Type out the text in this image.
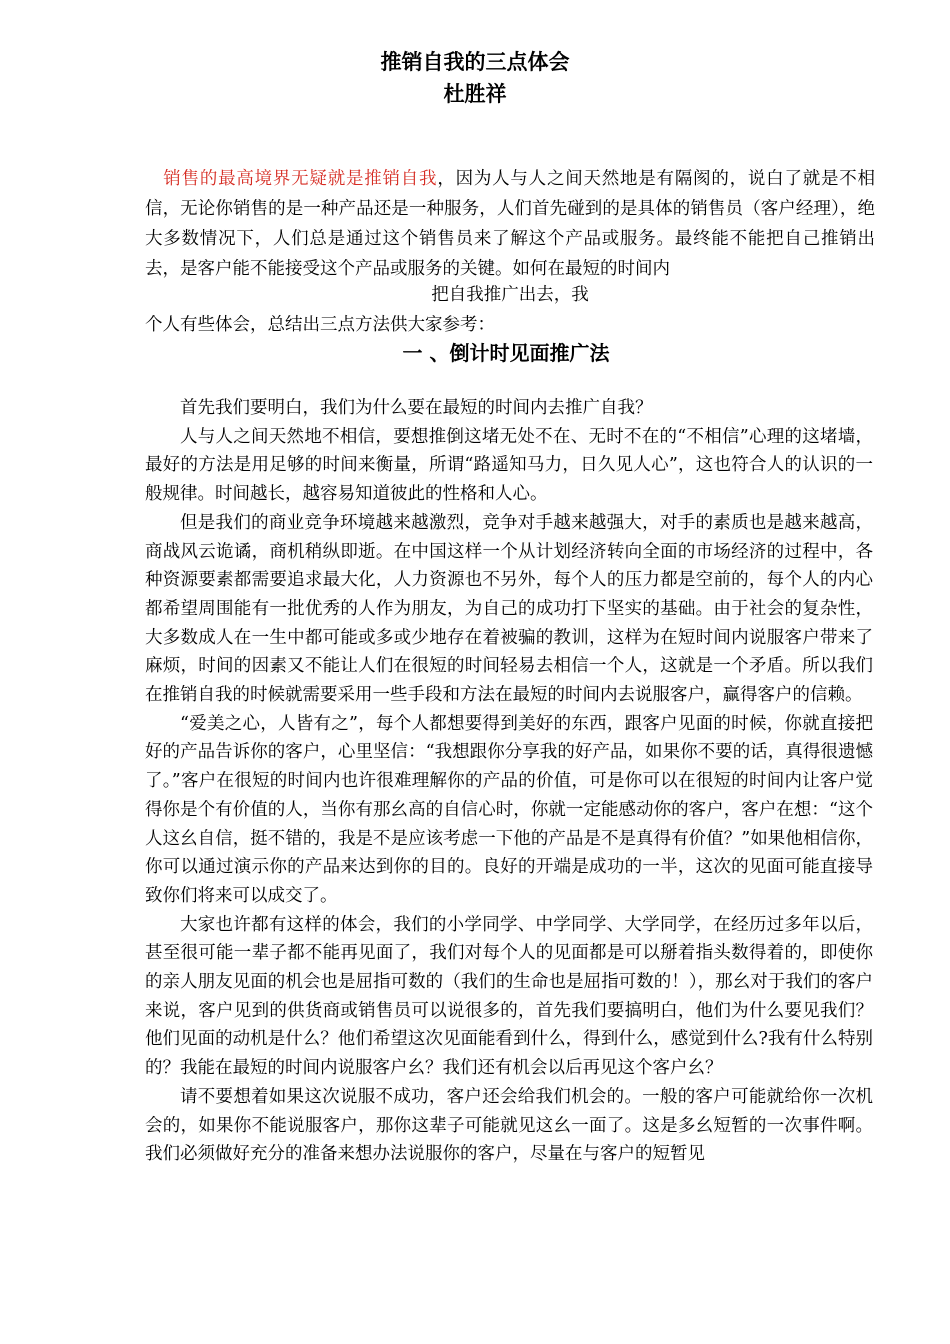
推销自我的三点体会
杜胜祥
　销售的最高境界无疑就是推销自我，因为人与人之间天然地是有隔阂的，说白了就是不相信，无论你销售的是一种产品还是一种服务，人们首先碰到的是具体的销售员（客户经理），绝大多数情况下，人们总是通过这个销售员来了解这个产品或服务。最终能不能把自己推销出去，是客户能不能接受这个产品或服务的关键。如何在最短的时间内
把自我推广出去，我
个人有些体会，总结出三点方法供大家参考：
一 、倒计时见面推广法

首先我们要明白，我们为什么要在最短的时间内去推广自我？

人与人之间天然地不相信，要想推倒这堵无处不在、无时不在的“不相信”心理的这堵墙，最好的方法是用足够的时间来衡量，所谓“路遥知马力，日久见人心”，这也符合人的认识的一般规律。时间越长，越容易知道彼此的性格和人心。

但是我们的商业竞争环境越来越激烈，竞争对手越来越强大，对手的素质也是越来越高，商战风云诡谲，商机稍纵即逝。在中国这样一个从计划经济转向全面的市场经济的过程中，各种资源要素都需要追求最大化，人力资源也不另外，每个人的压力都是空前的，每个人的内心都希望周围能有一批优秀的人作为朋友，为自己的成功打下坚实的基础。由于社会的复杂性，大多数成人在一生中都可能或多或少地存在着被骗的教训，这样为在短时间内说服客户带来了麻烦，时间的因素又不能让人们在很短的时间轻易去相信一个人，这就是一个矛盾。所以我们在推销自我的时候就需要采用一些手段和方法在最短的时间内去说服客户，赢得客户的信赖。

“爱美之心，人皆有之”，每个人都想要得到美好的东西，跟客户见面的时候，你就直接把好的产品告诉你的客户，心里坚信：“我想跟你分享我的好产品，如果你不要的话，真得很遗憾了。”客户在很短的时间内也许很难理解你的产品的价值，可是你可以在很短的时间内让客户觉得你是个有价值的人，当你有那幺高的自信心时，你就一定能感动你的客户，客户在想：“这个人这幺自信，挺不错的，我是不是应该考虑一下他的产品是不是真得有价值？”如果他相信你，你可以通过演示你的产品来达到你的目的。良好的开端是成功的一半，这次的见面可能直接导致你们将来可以成交了。

大家也许都有这样的体会，我们的小学同学、中学同学、大学同学，在经历过多年以后，甚至很可能一辈子都不能再见面了，我们对每个人的见面都是可以掰着指头数得着的，即使你的亲人朋友见面的机会也是屈指可数的（我们的生命也是屈指可数的！），那幺对于我们的客户来说，客户见到的供货商或销售员可以说很多的，首先我们要搞明白，他们为什么要见我们？他们见面的动机是什么？他们希望这次见面能看到什么，得到什么，感觉到什么?我有什么特别的？我能在最短的时间内说服客户幺？我们还有机会以后再见这个客户幺？

请不要想着如果这次说服不成功，客户还会给我们机会的。一般的客户可能就给你一次机会的，如果你不能说服客户，那你这辈子可能就见这幺一面了。这是多幺短暂的一次事件啊。我们必须做好充分的准备来想办法说服你的客户，尽量在与客户的短暂见
